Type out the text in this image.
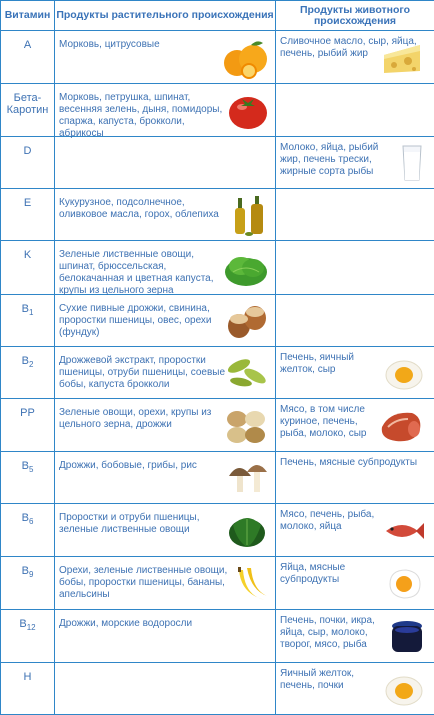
Витамин	Продукты растительного происхождения	Продукты животного происхождения
A	Морковь, цитрусовые	Сливочное масло, сыр, яйца, печень, рыбий жир

Бета-
Каротин	Морковь, петрушка, шпинат,
весенняя зелень, дыня, помидоры,
спаржа, капуста, брокколи,
абрикосы	

D		Молоко, яйца, рыбий
жир, печень трески,
жирные сорта рыбы

E	Кукурузное, подсолнечное,
оливковое масла, горох, облепиха	

K	Зеленые лиственные овощи,
шпинат, брюссельская,
белокачанная и цветная капуста,
крупы из цельного зерна	

$B_1$	Сухие пивные дрожжи, свинина,
проростки пшеницы, овес, орехи
(фундук)	

$B_2$	Дрожжевой экстракт, проростки
пшеницы, отруби пшеницы, соевые
бобы, капуста брокколи	Печень, яичный
желток, сыр

PP	Зеленые овощи, орехи, крупы из
цельного зерна, дрожжи	Мясо, в том числе
куриное, печень,
рыба, молоко, сыр

$B_5$	Дрожжи, бобовые, грибы, рис	Печень, мясные субпродукты

$B_6$	Проростки и отруби пшеницы,
зеленые лиственные овощи	Мясо, печень, рыба,
молоко, яйца

$B_9$	Орехи, зеленые лиственные овощи,
бобы, проростки пшеницы, бананы,
апельсины	Яйца, мясные
субпродукты

$B_{12}$	Дрожжи, морские водоросли	Печень, почки, икра,
яйца, сыр, молоко,
творог, мясо, рыба

H		Яичный желток,
печень, почки
